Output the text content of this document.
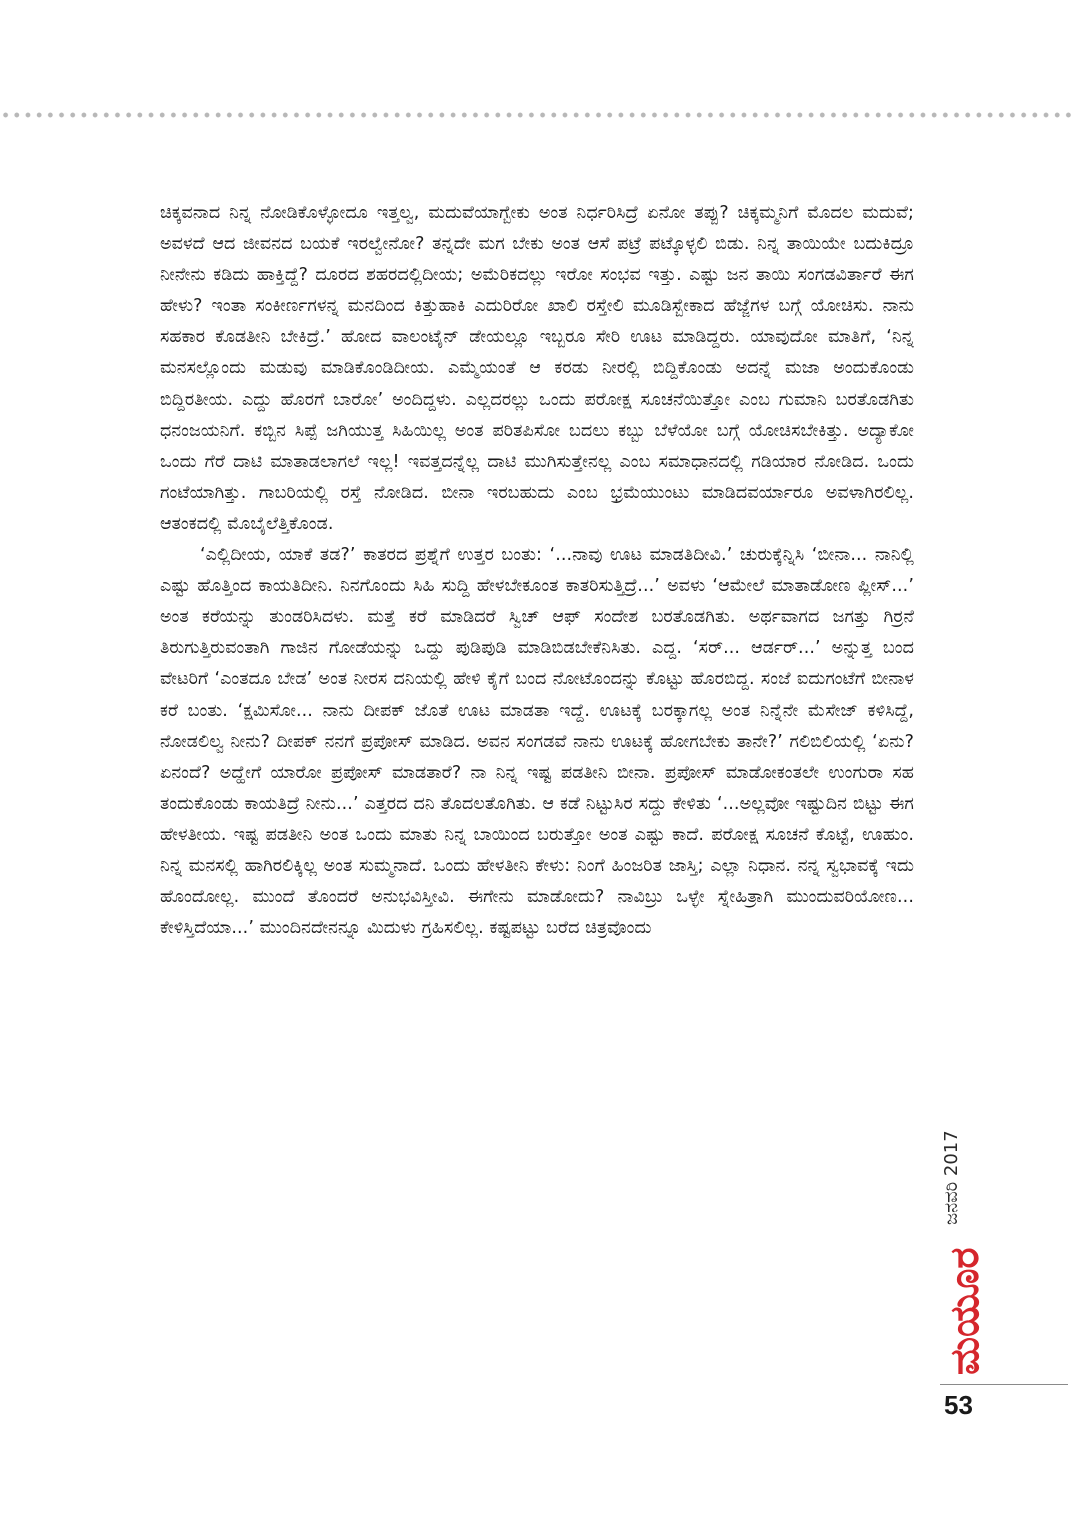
ಚಿಕ್ಕವನಾದ ನಿನ್ನ ನೋಡಿಕೊಳ್ಳೋದೂ ಇತ್ತಲ್ವ, ಮದುವೆಯಾಗ್ಬೇಕು ಅಂತ ನಿರ್ಧರಿಸಿದ್ರೆ ಏನೋ ತಪ್ಪು? ಚಿಕ್ಕಮ್ಮನಿಗೆ ಮೊದಲ ಮದುವೆ; ಅವಳದೆ ಆದ ಜೀವನದ ಬಯಕೆ ಇರಲ್ವೇನೋ? ತನ್ನದೇ ಮಗ ಬೇಕು ಅಂತ ಆಸೆ ಪಟ್ರೆ ಪಟ್ಕೊಳ್ಳಲಿ ಬಿಡು. ನಿನ್ನ ತಾಯಿಯೇ ಬದುಕಿದ್ರೂ ನೀನೇನು ಕಡಿದು ಹಾಕ್ತಿದ್ದೆ? ದೂರದ ಶಹರದಲ್ಲಿದೀಯ; ಅಮೆರಿಕದಲ್ಲು ಇರೋ ಸಂಭವ ಇತ್ತು. ಎಷ್ಟು ಜನ ತಾಯಿ ಸಂಗಡವಿರ್ತಾರೆ ಈಗ ಹೇಳು? ಇಂತಾ ಸಂಕೀರ್ಣಗಳನ್ನ ಮನದಿಂದ ಕಿತ್ತುಹಾಕಿ ಎದುರಿರೋ ಖಾಲಿ ರಸ್ತೇಲಿ ಮೂಡಿಸ್ಬೇಕಾದ ಹೆಜ್ಜೆಗಳ ಬಗ್ಗೆ ಯೋಚಿಸು. ನಾನು ಸಹಕಾರ ಕೊಡತೀನಿ ಬೇಕಿದ್ರೆ.’ ಹೋದ ವಾಲಂಟೈನ್ ಡೇಯಲ್ಲೂ ಇಬ್ಬರೂ ಸೇರಿ ಊಟ ಮಾಡಿದ್ದರು. ಯಾವುದೋ ಮಾತಿಗೆ, ‘ನಿನ್ನ ಮನಸಲ್ಲೊಂದು ಮಡುವು ಮಾಡಿಕೊಂಡಿದೀಯ. ಎಮ್ಮೆಯಂತೆ ಆ ಕರಡು ನೀರಲ್ಲಿ ಬಿದ್ದಿಕೊಂಡು ಅದನ್ನೆ ಮಜಾ ಅಂದುಕೊಂಡು ಬಿದ್ದಿರತೀಯ. ಎದ್ದು ಹೊರಗೆ ಬಾರೋ’ ಅಂದಿದ್ದಳು. ಎಲ್ಲದರಲ್ಲು ಒಂದು ಪರೋಕ್ಷ ಸೂಚನೆಯಿತ್ತೋ ಎಂಬ ಗುಮಾನಿ ಬರತೊಡಗಿತು ಧನಂಜಯನಿಗೆ. ಕಬ್ಬಿನ ಸಿಪ್ಪೆ ಜಗಿಯುತ್ತ ಸಿಹಿಯಿಲ್ಲ ಅಂತ ಪರಿತಪಿಸೋ ಬದಲು ಕಬ್ಬು ಬೆಳೆಯೋ ಬಗ್ಗೆ ಯೋಚಿಸಬೇಕಿತ್ತು. ಅದ್ಯಾಕೋ ಒಂದು ಗೆರೆ ದಾಟಿ ಮಾತಾಡಲಾಗಲೆ ಇಲ್ಲ! ಇವತ್ತದನ್ನೆಲ್ಲ ದಾಟಿ ಮುಗಿಸುತ್ತೇನಲ್ಲ ಎಂಬ ಸಮಾಧಾನದಲ್ಲಿ ಗಡಿಯಾರ ನೋಡಿದ. ಒಂದು ಗಂಟೆಯಾಗಿತ್ತು. ಗಾಬರಿಯಲ್ಲಿ ರಸ್ತೆ ನೋಡಿದ. ಬೀನಾ ಇರಬಹುದು ಎಂಬ ಭ್ರಮೆಯುಂಟು ಮಾಡಿದವರ್ಯಾರೂ ಅವಳಾಗಿರಲಿಲ್ಲ. ಆತಂಕದಲ್ಲಿ ಮೊಬೈಲೆತ್ತಿಕೊಂಡ.

‘ಎಲ್ಲಿದೀಯ, ಯಾಕೆ ತಡ?’ ಕಾತರದ ಪ್ರಶ್ನೆಗೆ ಉತ್ತರ ಬಂತು: ‘...ನಾವು ಊಟ ಮಾಡತಿದೀವಿ.’ ಚುರುಕ್ಕೆನ್ನಿಸಿ ‘ಬೀನಾ... ನಾನಿಲ್ಲಿ ಎಷ್ಟು ಹೊತ್ತಿಂದ ಕಾಯತಿದೀನಿ. ನಿನಗೊಂದು ಸಿಹಿ ಸುದ್ದಿ ಹೇಳಬೇಕೂಂತ ಕಾತರಿಸುತ್ತಿದ್ರೆ...’ ಅವಳು ‘ಆಮೇಲೆ ಮಾತಾಡೋಣ ಪ್ಲೀಸ್...’ ಅಂತ ಕರೆಯನ್ನು ತುಂಡರಿಸಿದಳು. ಮತ್ತೆ ಕರೆ ಮಾಡಿದರೆ ಸ್ವಿಚ್ ಆಫ್ ಸಂದೇಶ ಬರತೊಡಗಿತು. ಅರ್ಥವಾಗದ ಜಗತ್ತು ಗಿರ್ರನೆ ತಿರುಗುತ್ತಿರುವಂತಾಗಿ ಗಾಜಿನ ಗೋಡೆಯನ್ನು ಒದ್ದು ಪುಡಿಪುಡಿ ಮಾಡಿಬಿಡಬೇಕೆನಿಸಿತು. ಎದ್ದ. ‘ಸರ್... ಆರ್ಡರ್...’ ಅನ್ನುತ್ತ ಬಂದ ವೇಟರಿಗೆ ‘ಎಂತದೂ ಬೇಡ’ ಅಂತ ನೀರಸ ದನಿಯಲ್ಲಿ ಹೇಳಿ ಕೈಗೆ ಬಂದ ನೋಟೊಂದನ್ನು ಕೊಟ್ಟು ಹೊರಬಿದ್ದ. ಸಂಜೆ ಐದುಗಂಟೆಗೆ ಬೀನಾಳ ಕರೆ ಬಂತು. ‘ಕ್ಷಮಿಸೋ... ನಾನು ದೀಪಕ್ ಜೊತೆ ಊಟ ಮಾಡತಾ ಇದ್ದೆ. ಊಟಕ್ಕೆ ಬರಕ್ಕಾಗಲ್ಲ ಅಂತ ನಿನ್ನೆನೇ ಮೆಸೇಜ್ ಕಳಿಸಿದ್ದೆ, ನೋಡಲಿಲ್ವ ನೀನು? ದೀಪಕ್ ನನಗೆ ಪ್ರಪೋಸ್ ಮಾಡಿದ. ಅವನ ಸಂಗಡವೆ ನಾನು ಊಟಕ್ಕೆ ಹೋಗಬೇಕು ತಾನೇ?’ ಗಲಿಬಿಲಿಯಲ್ಲಿ ‘ಏನು? ಏನಂದೆ? ಅದ್ಹೇಗೆ ಯಾರೋ ಪ್ರಪೋಸ್ ಮಾಡತಾರೆ? ನಾ ನಿನ್ನ ಇಷ್ಟ ಪಡತೀನಿ ಬೀನಾ. ಪ್ರಪೋಸ್ ಮಾಡೋಕಂತಲೇ ಉಂಗುರಾ ಸಹ ತಂದುಕೊಂಡು ಕಾಯತಿದ್ರೆ ನೀನು...’ ಎತ್ತರದ ದನಿ ತೊದಲತೊಗಿತು. ಆ ಕಡೆ ನಿಟ್ಟುಸಿರ ಸದ್ದು ಕೇಳಿತು ‘...ಅಲ್ಲವೋ ಇಷ್ಟುದಿನ ಬಿಟ್ಟು ಈಗ ಹೇಳತೀಯ. ಇಷ್ಟ ಪಡತೀನಿ ಅಂತ ಒಂದು ಮಾತು ನಿನ್ನ ಬಾಯಿಂದ ಬರುತ್ತೋ ಅಂತ ಎಷ್ಟು ಕಾದೆ. ಪರೋಕ್ಷ ಸೂಚನೆ ಕೊಟ್ಟೆ, ಊಹುಂ. ನಿನ್ನ ಮನಸಲ್ಲಿ ಹಾಗಿರಲಿಕ್ಕಿಲ್ಲ ಅಂತ ಸುಮ್ಮನಾದೆ. ಒಂದು ಹೇಳತೀನಿ ಕೇಳು: ನಿಂಗೆ ಹಿಂಜರಿತ ಜಾಸ್ತಿ; ಎಲ್ಲಾ ನಿಧಾನ. ನನ್ನ ಸ್ವಭಾವಕ್ಕೆ ಇದು ಹೊಂದೋಲ್ಲ. ಮುಂದೆ ತೊಂದರೆ ಅನುಭವಿಸ್ತೀವಿ. ಈಗೇನು ಮಾಡೋದು? ನಾವಿಬ್ರು ಒಳ್ಳೇ ಸ್ನೇಹಿತ್ರಾಗಿ ಮುಂದುವರಿಯೋಣ... ಕೇಳಿಸ್ತಿದೆಯಾ...’ ಮುಂದಿನದೇನನ್ನೂ ಮಿದುಳು ಗ್ರಹಿಸಲಿಲ್ಲ. ಕಷ್ಟಪಟ್ಟು ಬರೆದ ಚಿತ್ರವೊಂದು

ಜನವರಿ 2017
ಮಯೂರ
53
